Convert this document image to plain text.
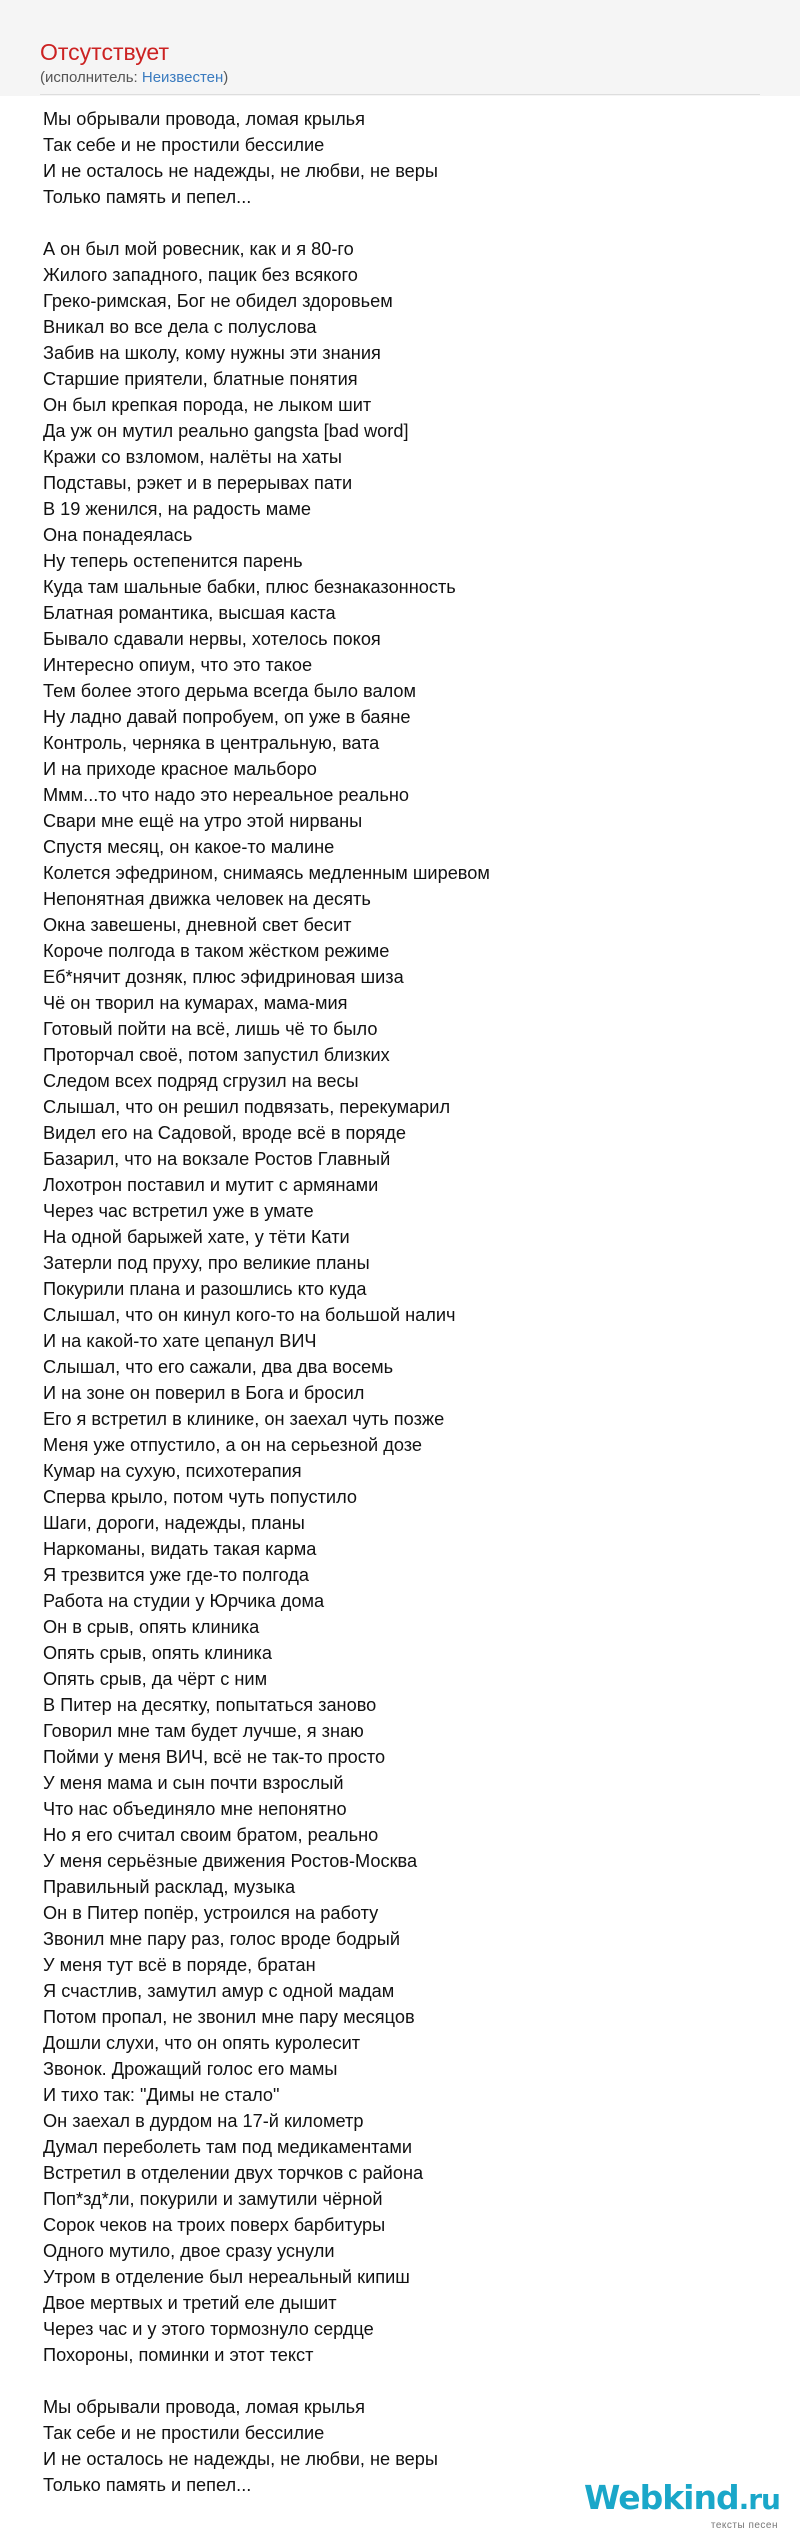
Отсутствует
(исполнитель: Неизвестен)
Мы обрывали провода, ломая крылья
Так себе и не простили бессилие
И не осталось не надежды, не любви, не веры
Только память и пепел...
А он был мой ровесник, как и я 80-го
Жилого западного, пацик без всякого
Греко-римская, Бог не обидел здоровьем
Вникал во все дела с полуслова
Забив на школу, кому нужны эти знания
Старшие приятели, блатные понятия
Он был крепкая порода, не лыком шит
Да уж он мутил реально gangsta [bad word]
Кражи со взломом, налёты на хаты
Подставы, рэкет и в перерывах пати
В 19 женился, на радость маме
Она понадеялась
Ну теперь остепенится парень
Куда там шальные бабки, плюс безнаказонность
Блатная романтика, высшая каста
Бывало сдавали нервы, хотелось покоя
Интересно опиум, что это такое
Тем более этого дерьма всегда было валом
Ну ладно давай попробуем, оп уже в баяне
Контроль, черняка в центральную, вата
И на приходе красное мальборо
Ммм...то что надо это нереальное реально
Свари мне ещё на утро этой нирваны
Спустя месяц, он какое-то малине
Колется эфедрином, снимаясь медленным ширевом
Непонятная движка человек на десять
Окна завешены, дневной свет бесит
Короче полгода в таком жёстком режиме
Еб*нячит дозняк, плюс эфидриновая шиза
Чё он творил на кумарах, мама-мия
Готовый пойти на всё, лишь чё то было
Проторчал своё, потом запустил близких
Следом всех подряд сгрузил на весы
Слышал, что он решил подвязать, перекумарил
Видел его на Садовой, вроде всё в поряде
Базарил, что на вокзале Ростов Главный
Лохотрон поставил и мутит с армянами
Через час встретил уже в умате
На одной барыжей хате, у тёти Кати
Затерли под пруху, про великие планы
Покурили плана и разошлись кто куда
Слышал, что он кинул кого-то на большой налич
И на какой-то хате цепанул ВИЧ
Слышал, что его сажали, два два восемь
И на зоне он поверил в Бога и бросил
Его я встретил в клинике, он заехал чуть позже
Меня уже отпустило, а он на серьезной дозе
Кумар на сухую, психотерапия
Сперва крыло, потом чуть попустило
Шаги, дороги, надежды, планы
Наркоманы, видать такая карма
Я трезвится уже где-то полгода
Работа на студии у Юрчика дома
Он в срыв, опять клиника
Опять срыв, опять клиника
Опять срыв, да чёрт с ним
В Питер на десятку, попытаться заново
Говорил мне там будет лучше, я знаю
Пойми у меня ВИЧ, всё не так-то просто
У меня мама и сын почти взрослый
Что нас объединяло мне непонятно
Но я его считал своим братом, реально
У меня серьёзные движения Ростов-Москва
Правильный расклад, музыка
Он в Питер попёр, устроился на работу
Звонил мне пару раз, голос вроде бодрый
У меня тут всё в поряде, братан
Я счастлив, замутил амур с одной мадам
Потом пропал, не звонил мне пару месяцов
Дошли слухи, что он опять куролесит
Звонок. Дрожащий голос его мамы
И тихо так: "Димы не стало"
Он заехал в дурдом на 17-й километр
Думал переболеть там под медикаментами
Встретил в отделении двух торчков с района
Поп*зд*ли, покурили и замутили чёрной
Сорок чеков на троих поверх барбитуры
Одного мутило, двое сразу уснули
Утром в отделение был нереальный кипиш
Двое мертвых и третий еле дышит
Через час и у этого тормознуло сердце
Похороны, поминки и этот текст
Мы обрывали провода, ломая крылья
Так себе и не простили бессилие
И не осталось не надежды, не любви, не веры
Только память и пепел...	Webkind.ru
тексты песен
